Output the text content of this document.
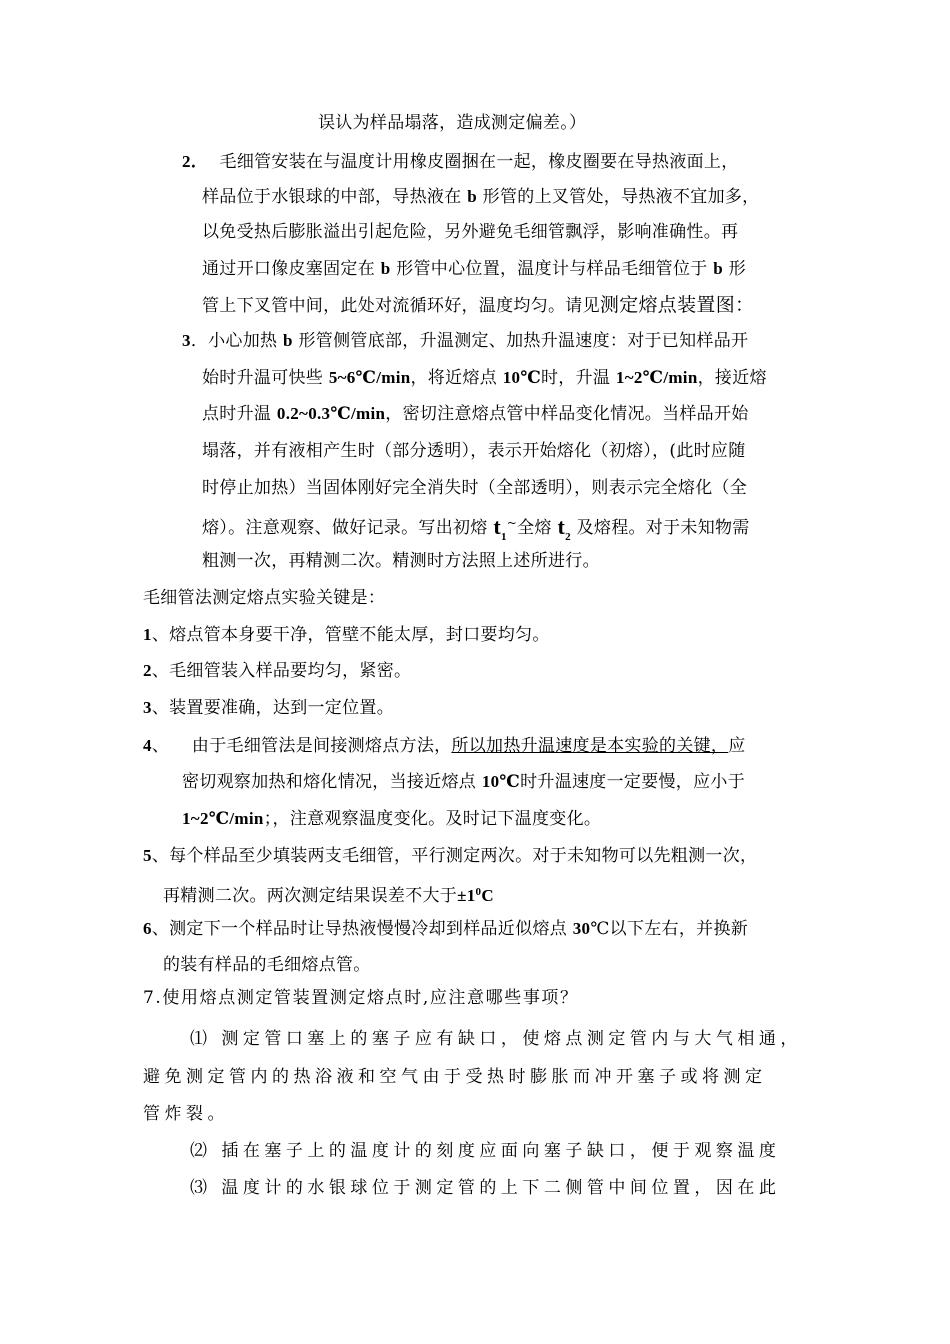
误认为样品塌落，造成测定偏差。）
2． 毛细管安装在与温度计用橡皮圈捆在一起，橡皮圈要在导热液面上，
样品位于水银球的中部，导热液在 b 形管的上叉管处，导热液不宜加多，
以免受热后膨胀溢出引起危险，另外避免毛细管飘浮，影响准确性。再
通过开口像皮塞固定在 b 形管中心位置，温度计与样品毛细管位于 b 形
管上下叉管中间，此处对流循环好，温度均匀。请见测定熔点装置图：
3．小心加热 b 形管侧管底部，升温测定、加热升温速度：对于已知样品开
始时升温可快些 5~6℃/min，将近熔点 10℃时，升温 1~2℃/min，接近熔
点时升温 0.2~0.3℃/min，密切注意熔点管中样品变化情况。当样品开始
塌落，并有液相产生时（部分透明），表示开始熔化（初熔），(此时应随
时停止加热）当固体刚好完全消失时（全部透明），则表示完全熔化（全
熔）。注意观察、做好记录。写出初熔 $t_1^\sim$全熔 $t_2$ 及熔程。对于未知物需
粗测一次，再精测二次。精测时方法照上述所进行。
毛细管法测定熔点实验关键是：
1、熔点管本身要干净，管壁不能太厚，封口要均匀。
2、毛细管装入样品要均匀，紧密。
3、装置要准确，达到一定位置。
4、    由于毛细管法是间接测熔点方法，所以加热升温速度是本实验的关键，应
密切观察加热和熔化情况，当接近熔点 10℃时升温速度一定要慢，应小于
1~2℃/min；，注意观察温度变化。及时记下温度变化。
5、每个样品至少填装两支毛细管，平行测定两次。对于未知物可以先粗测一次，
再精测二次。两次测定结果误差不大于$\pm 1^0C$
6、测定下一个样品时让导热液慢慢冷却到样品近似熔点 30℃以下左右，并换新
的装有样品的毛细熔点管。
7.使用熔点测定管装置测定熔点时,应注意哪些事项？
⑴ 测定管口塞上的塞子应有缺口，使熔点测定管内与大气相通，
避免测定管内的热浴液和空气由于受热时膨胀而冲开塞子或将测定
管炸裂。
⑵ 插在塞子上的温度计的刻度应面向塞子缺口，便于观察温度
⑶ 温度计的水银球位于测定管的上下二侧管中间位置，因在此
